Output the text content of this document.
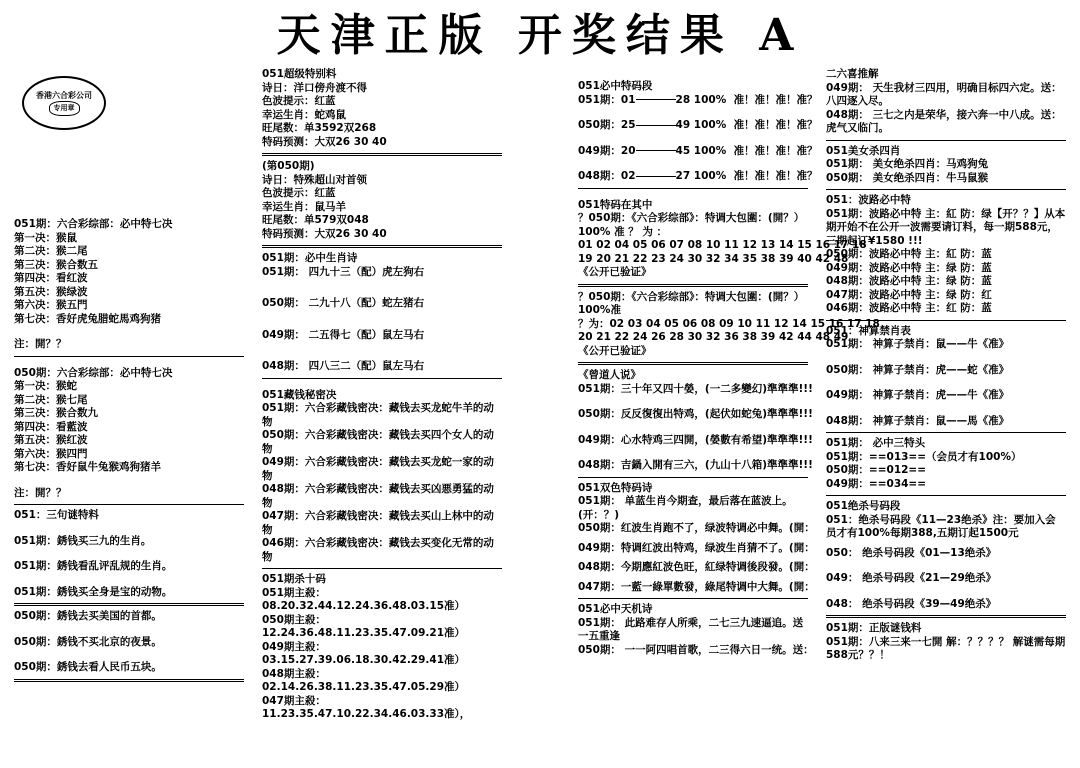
天津正版 开奖结果 A
香港六合彩公司
专用章
051期：六合彩综部：必中特七决
第一决：猴鼠
第二决：猴二尾
第三决：猴合数五
第四决：看红波
第五决：猴绿波
第六决：猴五門
第七决：香好虎兔腊蛇馬鸡狗猪
注：開？？
050期：六合彩综部：必中特七决
第一决：猴蛇
第二决：猴七尾
第三决：猴合数九
第四决：看藍波
第五决：猴红波
第六决：猴四門
第七决：香好鼠牛兔猴鸡狗猪羊
注：開？？
051：三句谜特料
051期：銹钱买三九的生肖。
051期：銹钱看乱评乱规的生肖。
051期：銹钱买全身是宝的动物。
050期：銹钱去买美国的首都。
050期：銹钱不买北京的夜景。
050期：銹钱去看人民币五块。
051超级特别料
诗日：洋口傍舟渡不得
色波提示：红蓝
幸运生肖：蛇鸡鼠
旺尾数：单3592双268
特码预测：大双26 30 40
(第050期)
诗日：特殊超山对首领
色波提示：红蓝
幸运生肖：鼠马羊
旺尾数：单579双048
特码预测：大双26 30 40
051期：必中生肖诗
051期： 四九十三（配）虎左狗右
050期： 二九十八（配）蛇左猪右
049期： 二五得七（配）鼠左马右
048期： 四八三二（配）鼠左马右
051藏钱秘密决
051期：六合彩藏钱密决：藏钱去买龙蛇牛羊的动物
050期：六合彩藏钱密决：藏钱去买四个女人的动物
049期：六合彩藏钱密决：藏钱去买龙蛇一家的动物
048期：六合彩藏钱密决：藏钱去买凶悪勇猛的动物
047期：六合彩藏钱密决：藏钱去买山上林中的动物
046期：六合彩藏钱密决：藏钱去买变化无常的动物
051期杀十码
051期主殺：08.20.32.44.12.24.36.48.03.15准）
050期主殺：12.24.36.48.11.23.35.47.09.21准）
049期主殺：03.15.27.39.06.18.30.42.29.41准）
048期主殺：02.14.26.38.11.23.35.47.05.29准）
047期主殺：11.23.35.47.10.22.34.46.03.33准），
051必中特码段
051期：01	28 100% 准！准！准！准？
050期：25	49 100% 准！准！准！准？
049期：20	45 100% 准！准！准！准？
048期：02	27 100% 准！准！准！准？
051特码在其中
？050期：《六合彩综部》：特调大包圍：(開？）
100% 准 ？ 为 ：
01 02 04 05 06 07 08 10 11 12 13 14 15 16 17 18
19 20 21 22 23 24 30 32 34 35 38 39 40 42 48
《公开已验证》
？050期：《六合彩综部》：特调大包圍：(開？）
100%准
？为：02 03 04 05 06 08 09 10 11 12 14 15 16 17 18
20 21 22 24 26 28 30 32 36 38 39 42 44 48 49
《公开已验证》
《曾道人说》
051期：三十年又四十嫈，(一二多變幻)準準準!!!
050期：反反復復出特鸡，(起伏如蛇兔)準準準!!!
049期：心水特鸡三四開，(嫈數有希望)準準準!!!
048期：吉鍋入開有三六，(九山十八箱)準準準!!!
051双色特码诗
051期： 单蓝生肖今期查，最后落在蓝波上。(开：？)
050期：红波生肖跑不了，绿波特调必中舞。(開：
049期：特调红波出特鸡，绿波生肖猜不了。(開：
048期：今期應紅波色旺，紅绿特调後段發。(開：
047期：一藍一綠單數發，綠尾特调中大舞。(開：
051必中天机诗
051期： 此路难存人所乘，二七三九速逼追。送一五重逢
050期： 一一阿四唱首歌，二三得六日一统。送：
二六喜推解
049期： 天生我材三四用，明确目标四六定。送：八四逐入尽。
048期： 三七之内是荣华，接六奔一中八成。送：虎气又临门。
051美女杀四肖
051期： 美女绝杀四肖：马鸡狗兔
050期： 美女绝杀四肖：牛马鼠猴
051：波路必中特
051期：波路必中特 主：紅 防：绿【开？？】从本期开始不在公开一波需要请订料，每一期588元，三期起订¥1580 !!!
050期：波路必中特 主：紅 防：蓝
049期：波路必中特 主：绿 防：蓝
048期：波路必中特 主：绿 防：蓝
047期：波路必中特 主：绿 防：红
046期：波路必中特 主：红 防：蓝
051：神算禁肖表
051期： 神算子禁肖：鼠——牛《准》
050期： 神算子禁肖：虎——蛇《准》
049期： 神算子禁肖：虎——牛《准》
048期： 神算子禁肖：鼠——馬《准》
051期： 必中三特头
051期：==013==（会员才有100%）
050期：==012==
049期：==034==
051绝杀号码段
051：绝杀号码段《11—23绝杀》注：要加入会员才有100%每期388,五期订起1500元
050： 绝杀号码段《01—13绝杀》
049： 绝杀号码段《21—29绝杀》
048： 绝杀号码段《39—49绝杀》
051期：正版谜钱料
051期：八来三来一七開 解：？？？？ 解谜需每期588元？？！
